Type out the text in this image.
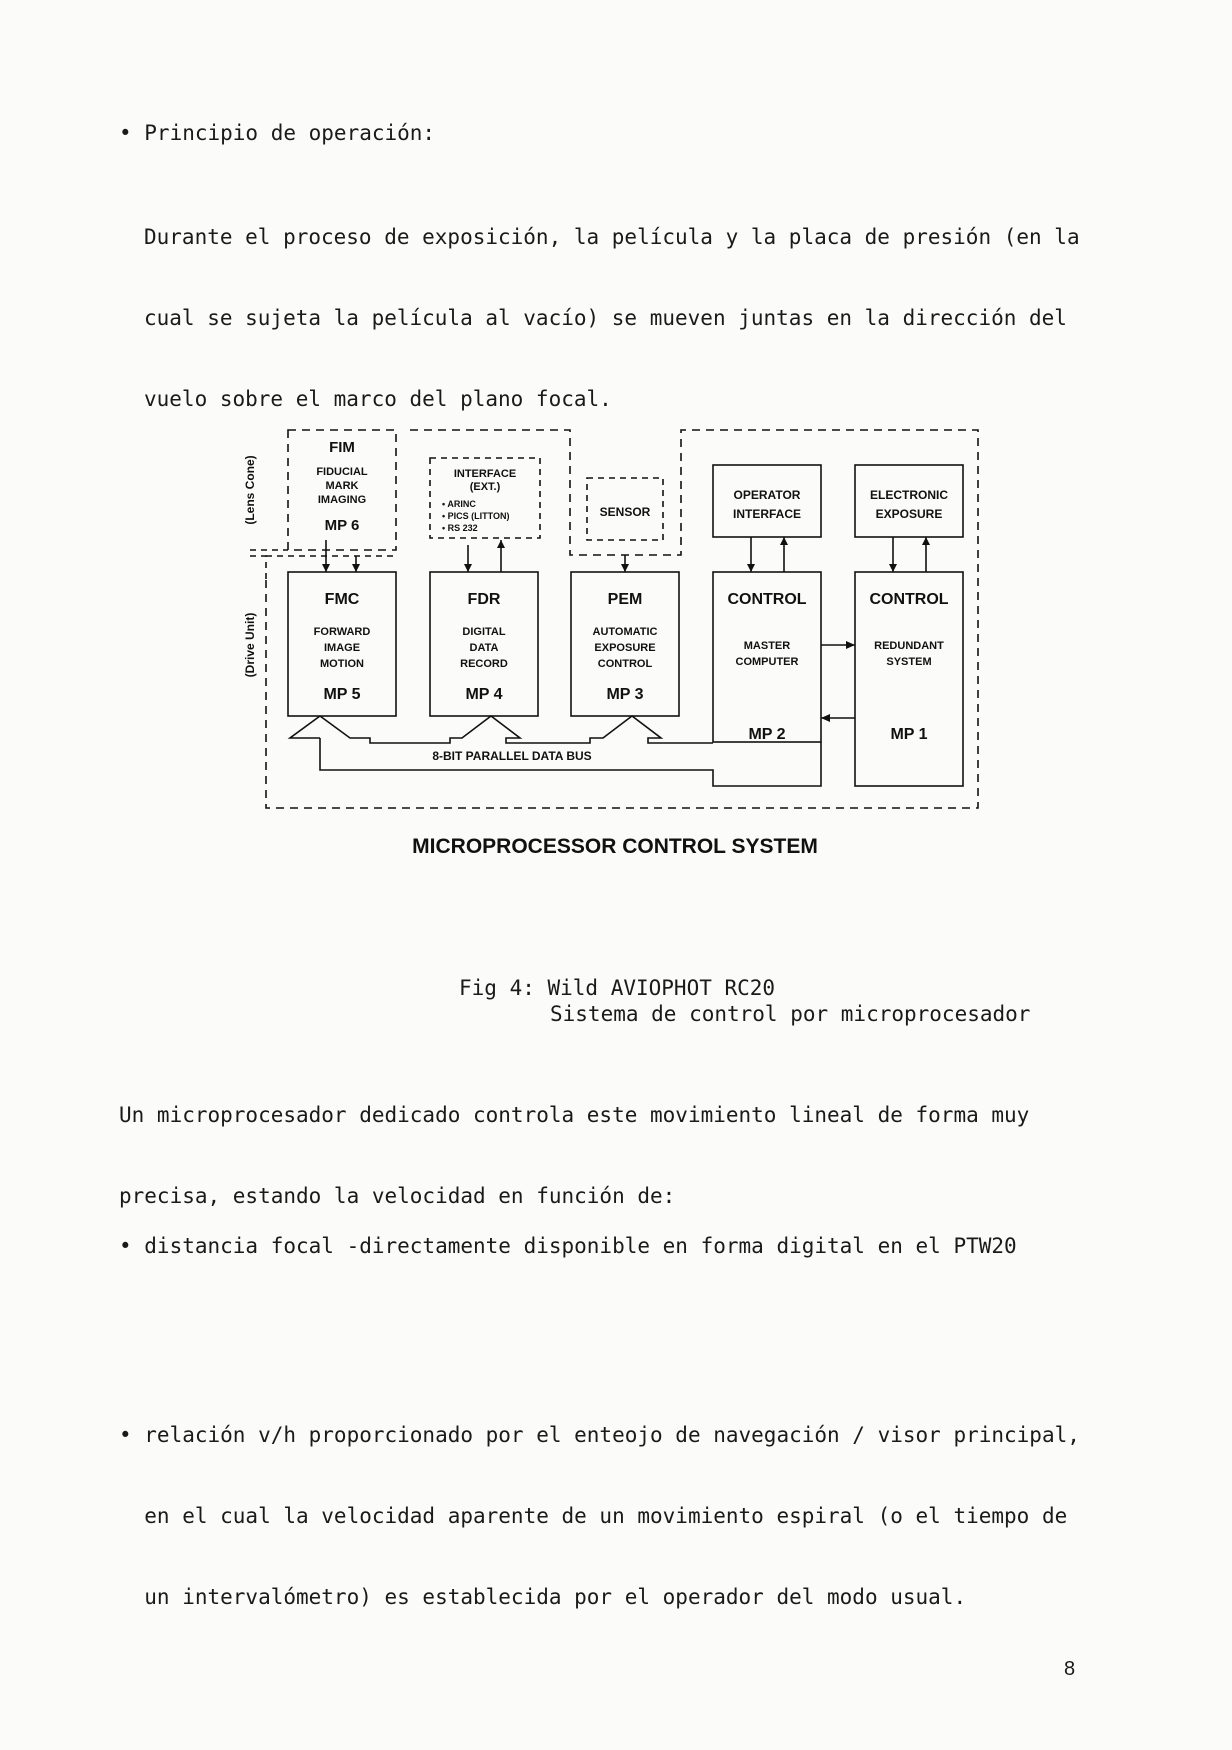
• Principio de operación:

Durante el proceso de exposición, la película y la placa de presión (en la

cual se sujeta la película al vacío) se mueven juntas en la dirección del

vuelo sobre el marco del plano focal.

(Lens Cone)
(Drive Unit)
FIM
FIDUCIAL
MARK
IMAGING
MP 6
INTERFACE
(EXT.)
• ARINC
• PICS (LITTON)
• RS 232
SENSOR
OPERATOR
INTERFACE
ELECTRONIC
EXPOSURE
FMC
FORWARD
IMAGE
MOTION
MP 5
FDR
DIGITAL
DATA
RECORD
MP 4
PEM
AUTOMATIC
EXPOSURE
CONTROL
MP 3
CONTROL
MASTER
COMPUTER
MP 2
CONTROL
REDUNDANT
SYSTEM
MP 1
8-BIT PARALLEL DATA BUS
MICROPROCESSOR CONTROL SYSTEM
Fig 4: Wild AVIOPHOT RC20
Sistema de control por microprocesador

Un microprocesador dedicado controla este movimiento lineal de forma muy

precisa, estando la velocidad en función de:

• distancia focal -directamente disponible en forma digital en el PTW20

• relación v/h proporcionado por el enteojo de navegación / visor principal,

en el cual la velocidad aparente de un movimiento espiral (o el tiempo de

un intervalómetro) es establecida por el operador del modo usual.

8
